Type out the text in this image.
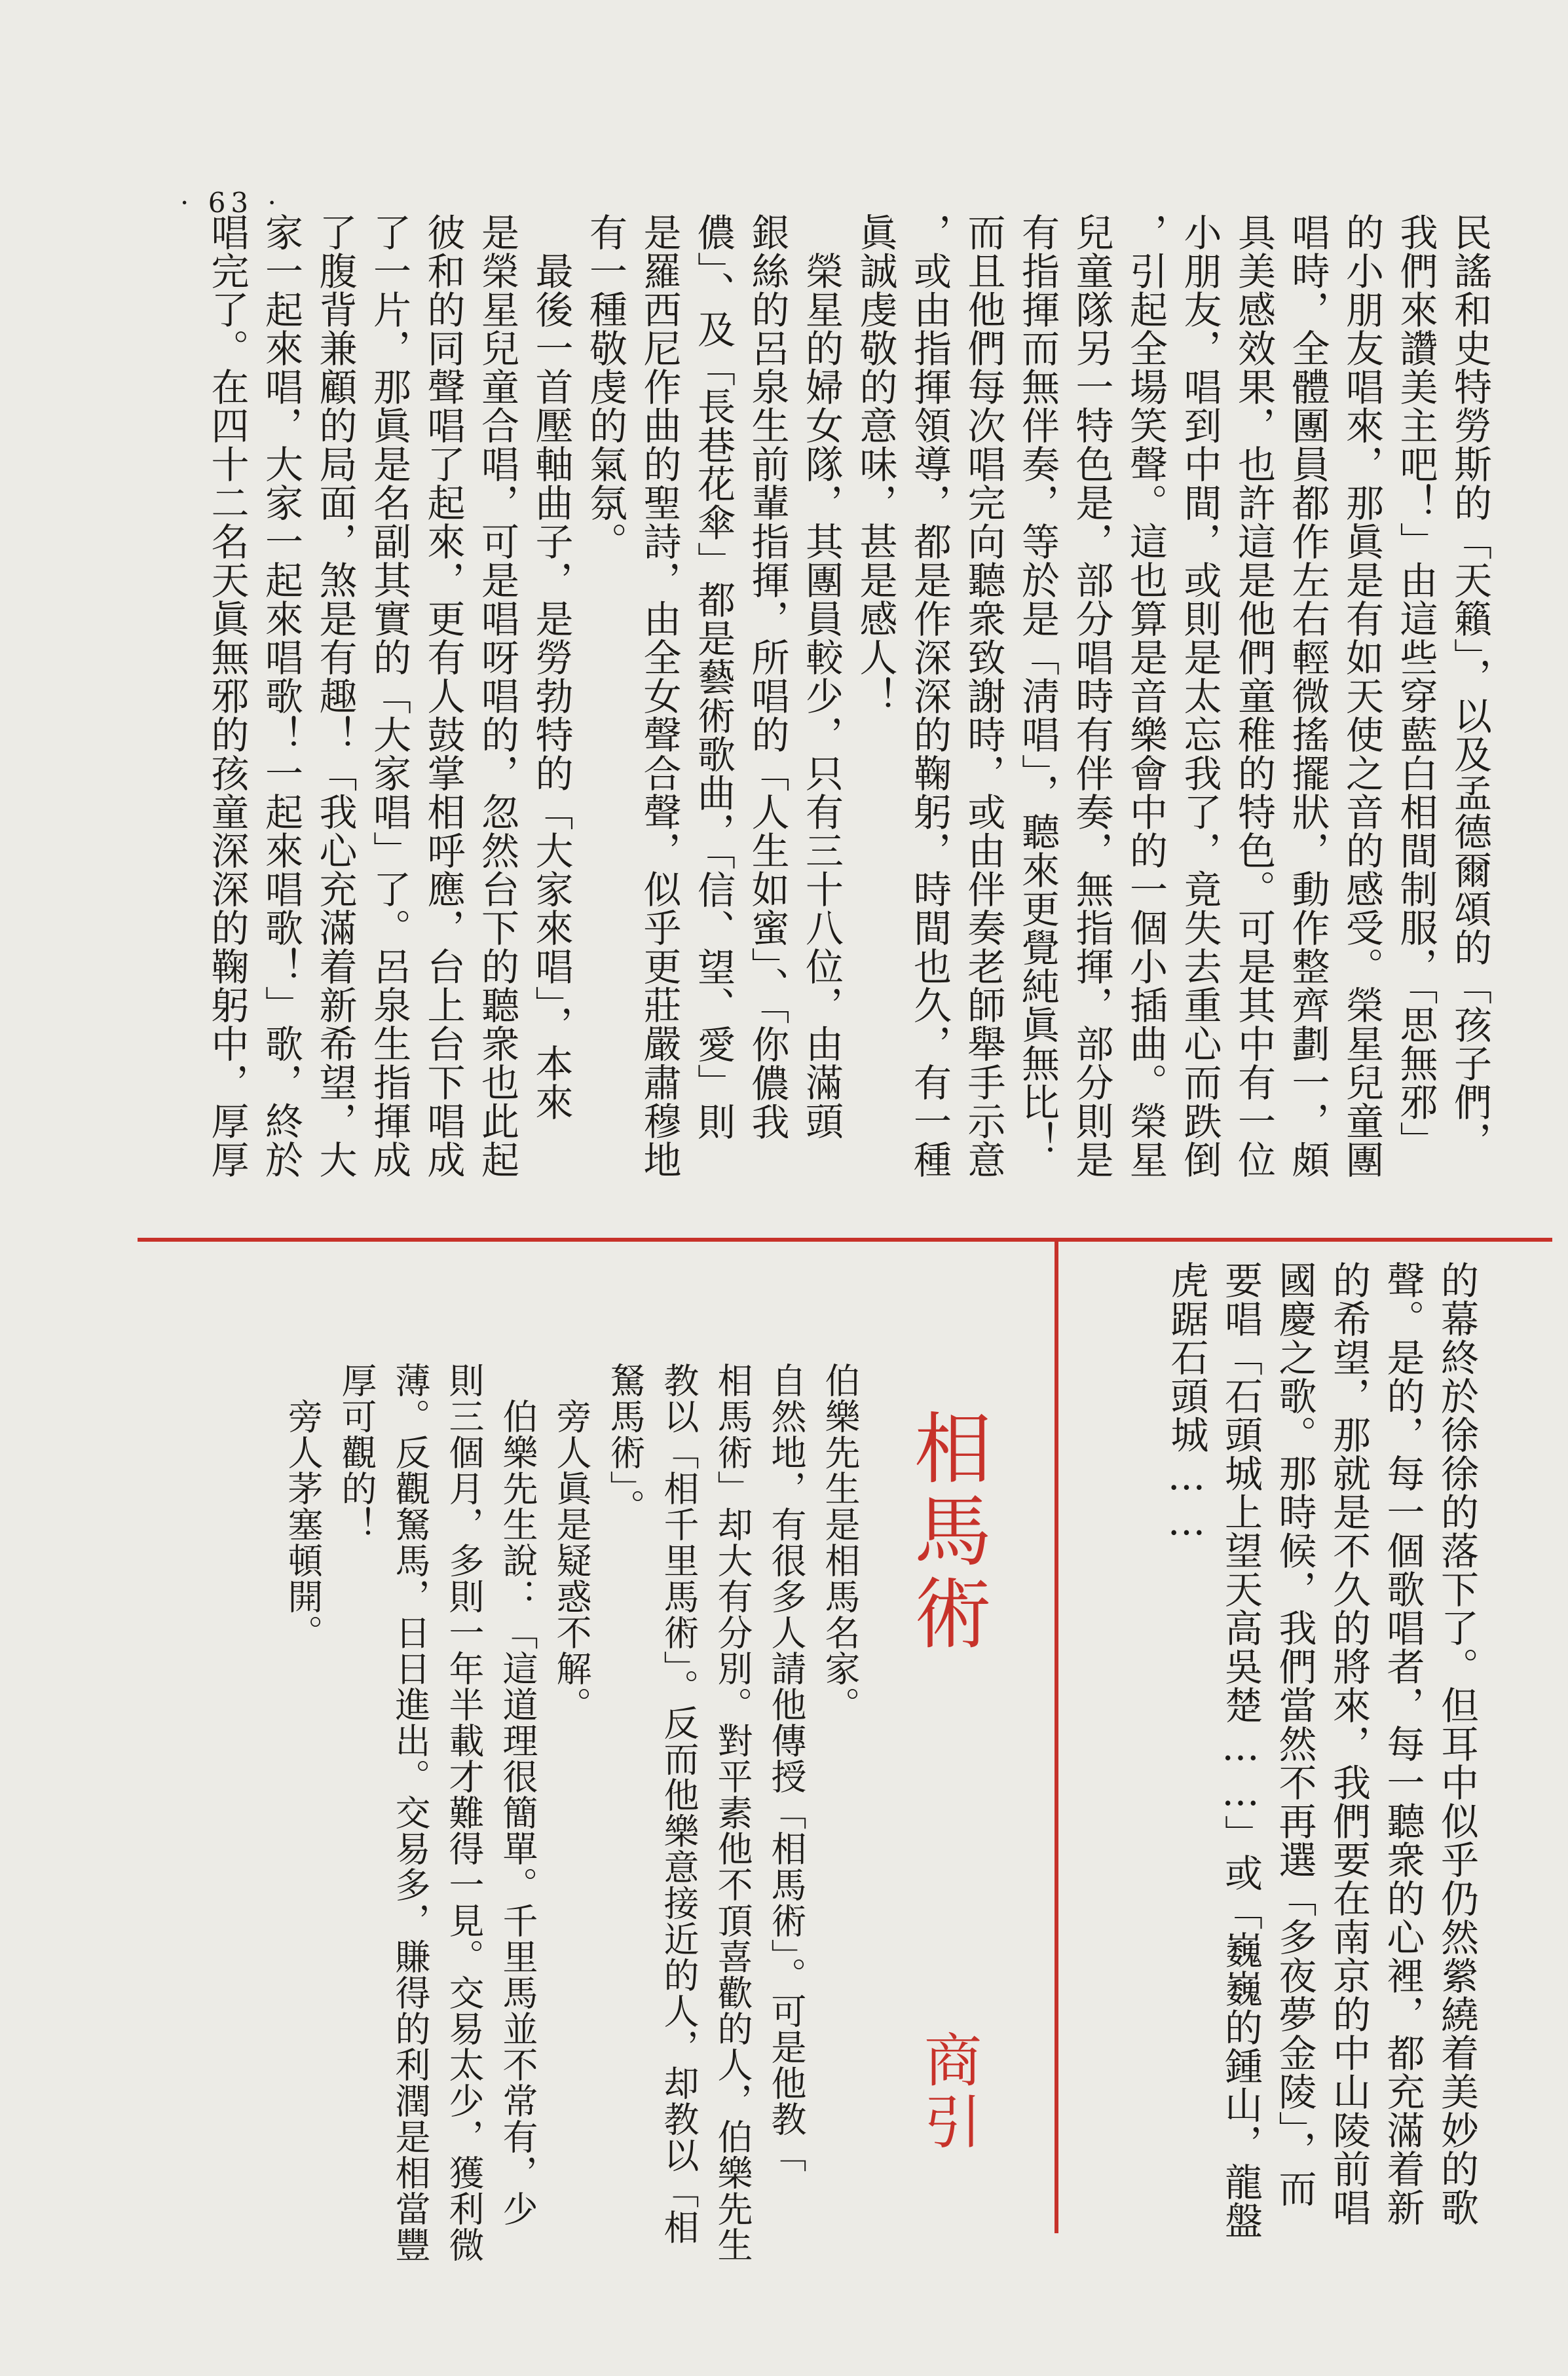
· 63 ·
民謠和史特勞斯的「天籟」，以及孟德爾頌的「孩子們，
我們來讚美主吧！」由這些穿藍白相間制服，「思無邪」
的小朋友唱來，那眞是有如天使之音的感受。榮星兒童團
唱時，全體團員都作左右輕微搖擺狀，動作整齊劃一，頗
具美感效果，也許這是他們童稚的特色。可是其中有一位
小朋友，唱到中間，或則是太忘我了，竟失去重心而跌倒
，引起全場笑聲。這也算是音樂會中的一個小插曲。榮星
兒童隊另一特色是，部分唱時有伴奏，無指揮，部分則是
有指揮而無伴奏，等於是「淸唱」，聽來更覺純眞無比！
而且他們每次唱完向聽衆致謝時，或由伴奏老師舉手示意
，或由指揮領導，都是作深深的鞠躬，時間也久，有一種
眞誠虔敬的意味，甚是感人！
　榮星的婦女隊，其團員較少，只有三十八位，由滿頭
銀絲的呂泉生前輩指揮，所唱的「人生如蜜」、「你儂我
儂」、及「長巷花傘」都是藝術歌曲，「信、望、愛」則
是羅西尼作曲的聖詩，由全女聲合聲，似乎更莊嚴肅穆地
有一種敬虔的氣氛。
　最後一首壓軸曲子，是勞勃特的「大家來唱」，本來
是榮星兒童合唱，可是唱呀唱的，忽然台下的聽衆也此起
彼和的同聲唱了起來，更有人鼓掌相呼應，台上台下唱成
了一片，那眞是名副其實的「大家唱」了。呂泉生指揮成
了腹背兼顧的局面，煞是有趣！「我心充滿着新希望，大
家一起來唱，大家一起來唱歌！一起來唱歌！」歌，終於
唱完了。在四十二名天眞無邪的孩童深深的鞠躬中，厚厚
的幕終於徐徐的落下了。但耳中似乎仍然縈繞着美妙的歌
聲。是的，每一個歌唱者，每一聽衆的心裡，都充滿着新
的希望，那就是不久的將來，我們要在南京的中山陵前唱
國慶之歌。那時候，我們當然不再選「多夜夢金陵」，而
要唱「石頭城上望天高吳楚……」或「巍巍的鍾山，龍盤
虎踞石頭城……
相馬術
商引
伯樂先生是相馬名家。
自然地，有很多人請他傳授「相馬術」。可是他教「
相馬術」却大有分別。對平素他不頂喜歡的人，伯樂先生
教以「相千里馬術」。反而他樂意接近的人，却教以「相
駑馬術」。
　旁人眞是疑惑不解。
　伯樂先生說：「這道理很簡單。千里馬並不常有，少
則三個月，多則一年半載才難得一見。交易太少，獲利微
薄。反觀駑馬，日日進出。交易多，賺得的利潤是相當豐
厚可觀的！
　旁人茅塞頓開。
